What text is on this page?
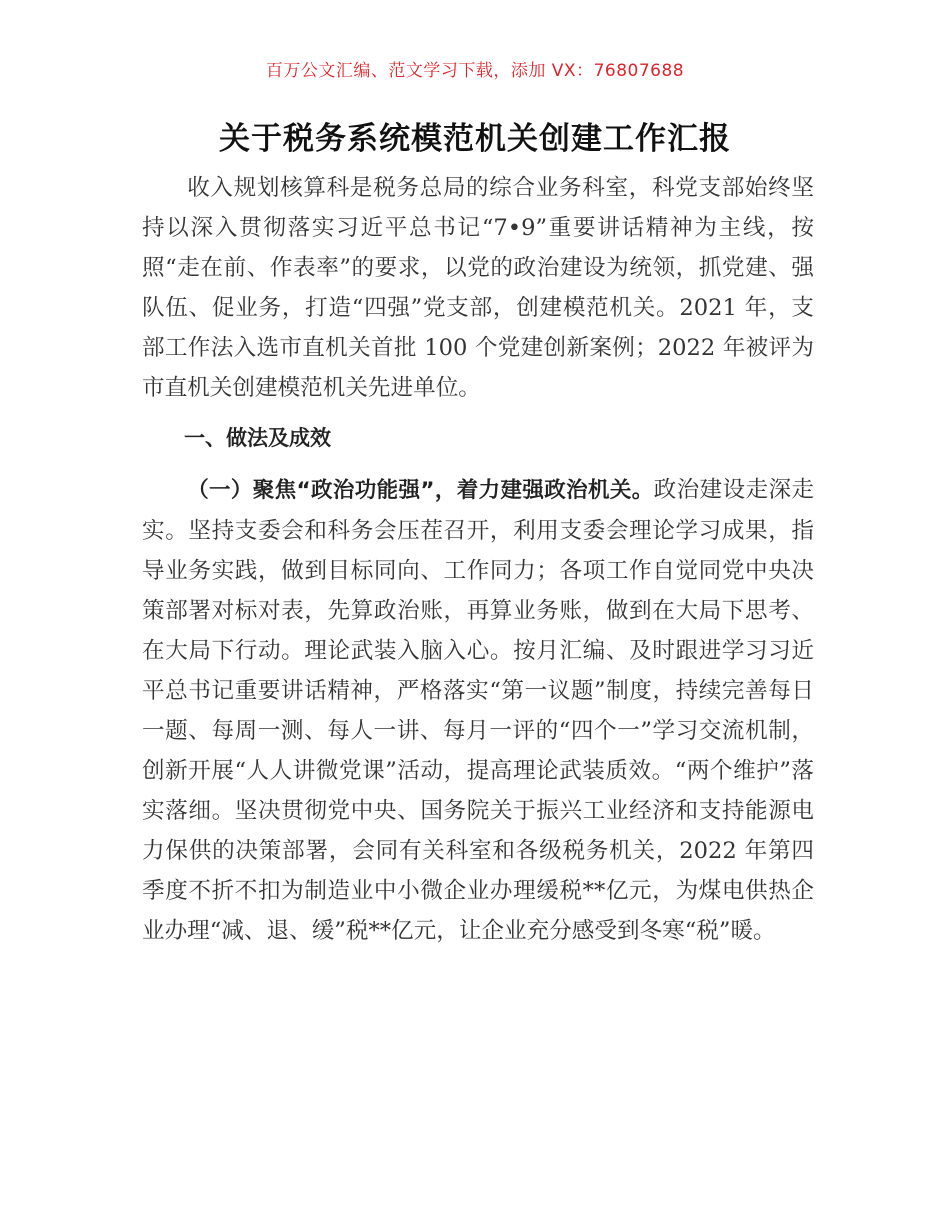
百万公文汇编、范文学习下载，添加 VX：76807688
关于税务系统模范机关创建工作汇报

收入规划核算科是税务总局的综合业务科室，科党支部始终坚持以深入贯彻落实习近平总书记“7•9”重要讲话精神为主线，按照“走在前、作表率”的要求，以党的政治建设为统领，抓党建、强队伍、促业务，打造“四强”党支部，创建模范机关。2021 年，支部工作法入选市直机关首批 100 个党建创新案例；2022 年被评为市直机关创建模范机关先进单位。

一、做法及成效

（一）聚焦“政治功能强”，着力建强政治机关。政治建设走深走实。坚持支委会和科务会压茬召开，利用支委会理论学习成果，指导业务实践，做到目标同向、工作同力；各项工作自觉同党中央决策部署对标对表，先算政治账，再算业务账，做到在大局下思考、在大局下行动。理论武装入脑入心。按月汇编、及时跟进学习习近平总书记重要讲话精神，严格落实“第一议题”制度，持续完善每日一题、每周一测、每人一讲、每月一评的“四个一”学习交流机制，创新开展“人人讲微党课”活动，提高理论武装质效。“两个维护”落实落细。坚决贯彻党中央、国务院关于振兴工业经济和支持能源电力保供的决策部署，会同有关科室和各级税务机关，2022 年第四季度不折不扣为制造业中小微企业办理缓税**亿元，为煤电供热企业办理“减、退、缓”税**亿元，让企业充分感受到冬寒“税”暖。
